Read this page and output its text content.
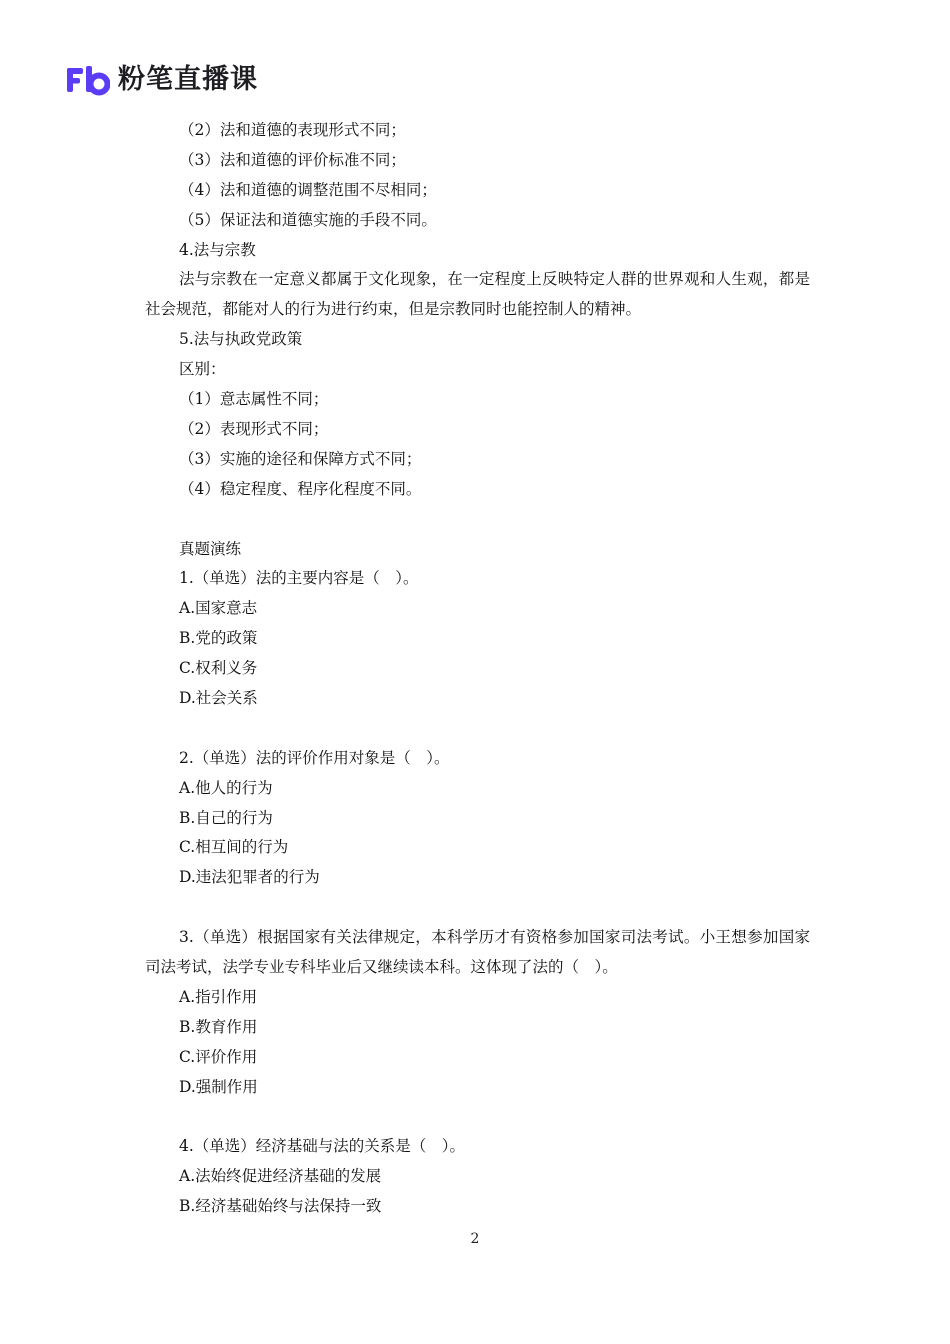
粉笔直播课
（2）法和道德的表现形式不同；
（3）法和道德的评价标准不同；
（4）法和道德的调整范围不尽相同；
（5）保证法和道德实施的手段不同。
4.法与宗教
法与宗教在一定意义都属于文化现象，在一定程度上反映特定人群的世界观和人生观，都是社会规范，都能对人的行为进行约束，但是宗教同时也能控制人的精神。
5.法与执政党政策
区别：
（1）意志属性不同；
（2）表现形式不同；
（3）实施的途径和保障方式不同；
（4）稳定程度、程序化程度不同。
真题演练
1.（单选）法的主要内容是（　）。
A.国家意志
B.党的政策
C.权利义务
D.社会关系
2.（单选）法的评价作用对象是（　）。
A.他人的行为
B.自己的行为
C.相互间的行为
D.违法犯罪者的行为
3.（单选）根据国家有关法律规定，本科学历才有资格参加国家司法考试。小王想参加国家司法考试，法学专业专科毕业后又继续读本科。这体现了法的（　）。
A.指引作用
B.教育作用
C.评价作用
D.强制作用
4.（单选）经济基础与法的关系是（　）。
A.法始终促进经济基础的发展
B.经济基础始终与法保持一致
2
